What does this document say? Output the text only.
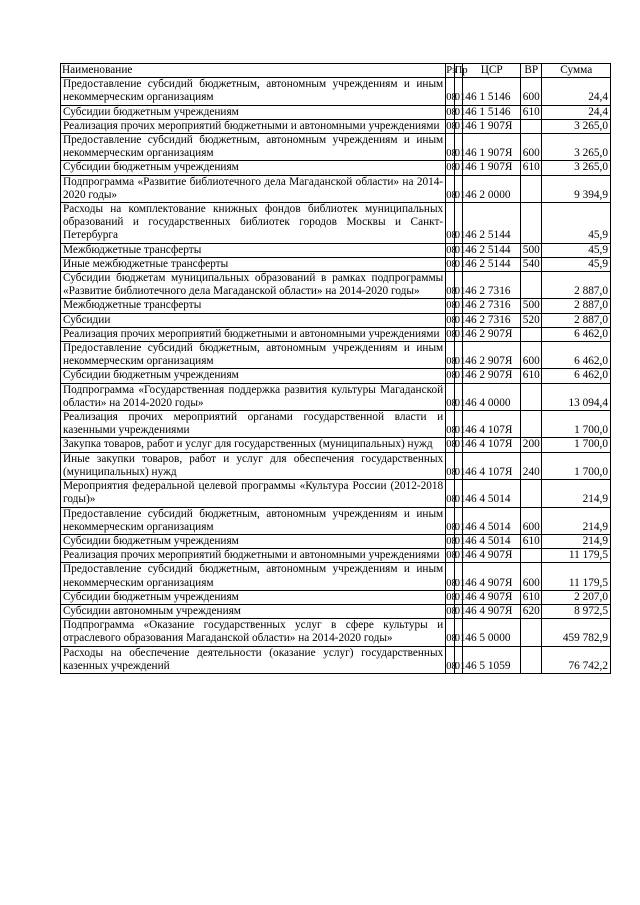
Наименование	Рз	Пр	ЦСР	ВР	Сумма
Предоставление субсидий бюджетным, автономным учреждениям и иным некоммерческим организациям	08	01	46 1 5146	600	24,4
Субсидии бюджетным учреждениям	08	01	46 1 5146	610	24,4
Реализация прочих мероприятий бюджетными и автономными учреждениями	08	01	46 1 907Я		3 265,0
Предоставление субсидий бюджетным, автономным учреждениям и иным некоммерческим организациям	08	01	46 1 907Я	600	3 265,0
Субсидии бюджетным учреждениям	08	01	46 1 907Я	610	3 265,0
Подпрограмма «Развитие библиотечного дела Магаданской области» на 2014-2020 годы»	08	01	46 2 0000		9 394,9
Расходы на комплектование книжных фондов библиотек муниципальных образований и государственных библиотек городов Москвы и Санкт-Петербурга	08	01	46 2 5144		45,9
Межбюджетные трансферты	08	01	46 2 5144	500	45,9
Иные межбюджетные трансферты	08	01	46 2 5144	540	45,9
Субсидии бюджетам муниципальных образований в рамках подпрограммы «Развитие библиотечного дела Магаданской области» на 2014-2020 годы»	08	01	46 2 7316		2 887,0
Межбюджетные трансферты	08	01	46 2 7316	500	2 887,0
Субсидии	08	01	46 2 7316	520	2 887,0
Реализация прочих мероприятий бюджетными и автономными учреждениями	08	01	46 2 907Я		6 462,0
Предоставление субсидий бюджетным, автономным учреждениям и иным некоммерческим организациям	08	01	46 2 907Я	600	6 462,0
Субсидии бюджетным учреждениям	08	01	46 2 907Я	610	6 462,0
Подпрограмма «Государственная поддержка развития культуры Магаданской области» на 2014-2020 годы»	08	01	46 4 0000		13 094,4
Реализация прочих мероприятий органами государственной власти и казенными учреждениями	08	01	46 4 107Я		1 700,0
Закупка товаров, работ и услуг для государственных (муниципальных) нужд	08	01	46 4 107Я	200	1 700,0
Иные закупки товаров, работ и услуг для обеспечения государственных (муниципальных) нужд	08	01	46 4 107Я	240	1 700,0
Мероприятия федеральной целевой программы «Культура России (2012-2018 годы)»	08	01	46 4 5014		214,9
Предоставление субсидий бюджетным, автономным учреждениям и иным некоммерческим организациям	08	01	46 4 5014	600	214,9
Субсидии бюджетным учреждениям	08	01	46 4 5014	610	214,9
Реализация прочих мероприятий бюджетными и автономными учреждениями	08	01	46 4 907Я		11 179,5
Предоставление субсидий бюджетным, автономным учреждениям и иным некоммерческим организациям	08	01	46 4 907Я	600	11 179,5
Субсидии бюджетным учреждениям	08	01	46 4 907Я	610	2 207,0
Субсидии автономным учреждениям	08	01	46 4 907Я	620	8 972,5
Подпрограмма «Оказание государственных услуг в сфере культуры и отраслевого образования Магаданской области» на 2014-2020 годы»	08	01	46 5 0000		459 782,9
Расходы на обеспечение деятельности (оказание услуг) государственных казенных учреждений	08	01	46 5 1059		76 742,2
